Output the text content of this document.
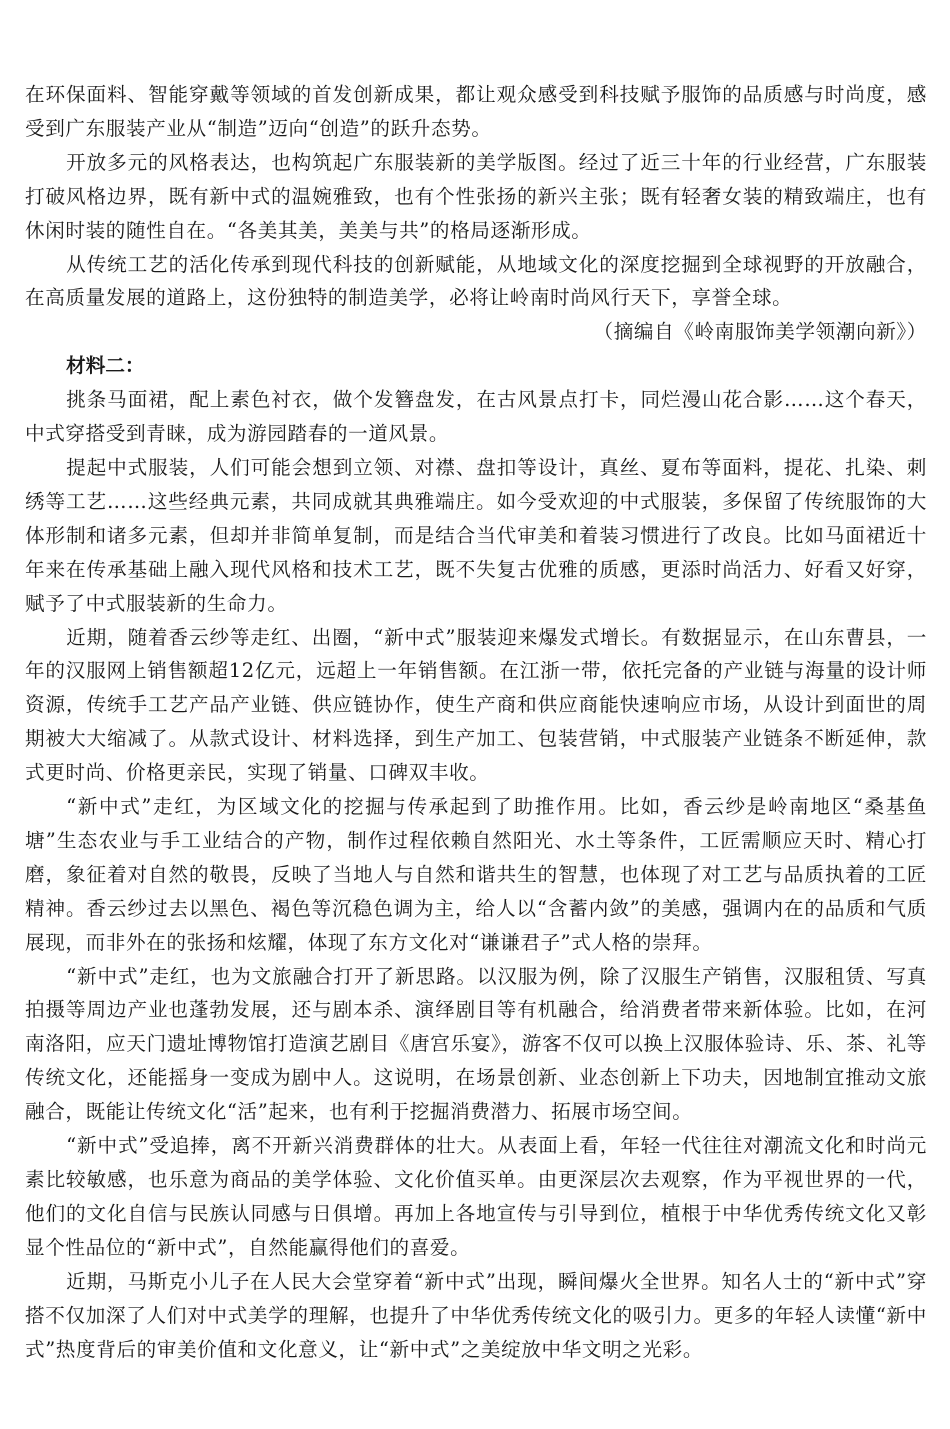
在环保面料、智能穿戴等领域的首发创新成果，都让观众感受到科技赋予服饰的品质感与时尚度，感受到广东服装产业从“制造”迈向“创造”的跃升态势。

开放多元的风格表达，也构筑起广东服装新的美学版图。经过了近三十年的行业经营，广东服装打破风格边界，既有新中式的温婉雅致，也有个性张扬的新兴主张；既有轻奢女装的精致端庄，也有休闲时装的随性自在。“各美其美，美美与共”的格局逐渐形成。

从传统工艺的活化传承到现代科技的创新赋能，从地域文化的深度挖掘到全球视野的开放融合，在高质量发展的道路上，这份独特的制造美学，必将让岭南时尚风行天下，享誉全球。

（摘编自《岭南服饰美学领潮向新》）

材料二：

挑条马面裙，配上素色衬衣，做个发簪盘发，在古风景点打卡，同烂漫山花合影……这个春天，中式穿搭受到青睐，成为游园踏春的一道风景。

提起中式服装，人们可能会想到立领、对襟、盘扣等设计，真丝、夏布等面料，提花、扎染、刺绣等工艺……这些经典元素，共同成就其典雅端庄。如今受欢迎的中式服装，多保留了传统服饰的大体形制和诸多元素，但却并非简单复制，而是结合当代审美和着装习惯进行了改良。比如马面裙近十年来在传承基础上融入现代风格和技术工艺，既不失复古优雅的质感，更添时尚活力、好看又好穿，赋予了中式服装新的生命力。

近期，随着香云纱等走红、出圈，“新中式”服装迎来爆发式增长。有数据显示，在山东曹县，一年的汉服网上销售额超12亿元，远超上一年销售额。在江浙一带，依托完备的产业链与海量的设计师资源，传统手工艺产品产业链、供应链协作，使生产商和供应商能快速响应市场，从设计到面世的周期被大大缩减了。从款式设计、材料选择，到生产加工、包装营销，中式服装产业链条不断延伸，款式更时尚、价格更亲民，实现了销量、口碑双丰收。

“新中式”走红，为区域文化的挖掘与传承起到了助推作用。比如，香云纱是岭南地区“桑基鱼塘”生态农业与手工业结合的产物，制作过程依赖自然阳光、水土等条件，工匠需顺应天时、精心打磨，象征着对自然的敬畏，反映了当地人与自然和谐共生的智慧，也体现了对工艺与品质执着的工匠精神。香云纱过去以黑色、褐色等沉稳色调为主，给人以“含蓄内敛”的美感，强调内在的品质和气质展现，而非外在的张扬和炫耀，体现了东方文化对“谦谦君子”式人格的崇拜。

“新中式”走红，也为文旅融合打开了新思路。以汉服为例，除了汉服生产销售，汉服租赁、写真拍摄等周边产业也蓬勃发展，还与剧本杀、演绎剧目等有机融合，给消费者带来新体验。比如，在河南洛阳，应天门遗址博物馆打造演艺剧目《唐宫乐宴》，游客不仅可以换上汉服体验诗、乐、茶、礼等传统文化，还能摇身一变成为剧中人。这说明，在场景创新、业态创新上下功夫，因地制宜推动文旅融合，既能让传统文化“活”起来，也有利于挖掘消费潜力、拓展市场空间。

“新中式”受追捧，离不开新兴消费群体的壮大。从表面上看，年轻一代往往对潮流文化和时尚元素比较敏感，也乐意为商品的美学体验、文化价值买单。由更深层次去观察，作为平视世界的一代，他们的文化自信与民族认同感与日俱增。再加上各地宣传与引导到位，植根于中华优秀传统文化又彰显个性品位的“新中式”，自然能赢得他们的喜爱。

近期，马斯克小儿子在人民大会堂穿着“新中式”出现，瞬间爆火全世界。知名人士的“新中式”穿搭不仅加深了人们对中式美学的理解，也提升了中华优秀传统文化的吸引力。更多的年轻人读懂“新中式”热度背后的审美价值和文化意义，让“新中式”之美绽放中华文明之光彩。
